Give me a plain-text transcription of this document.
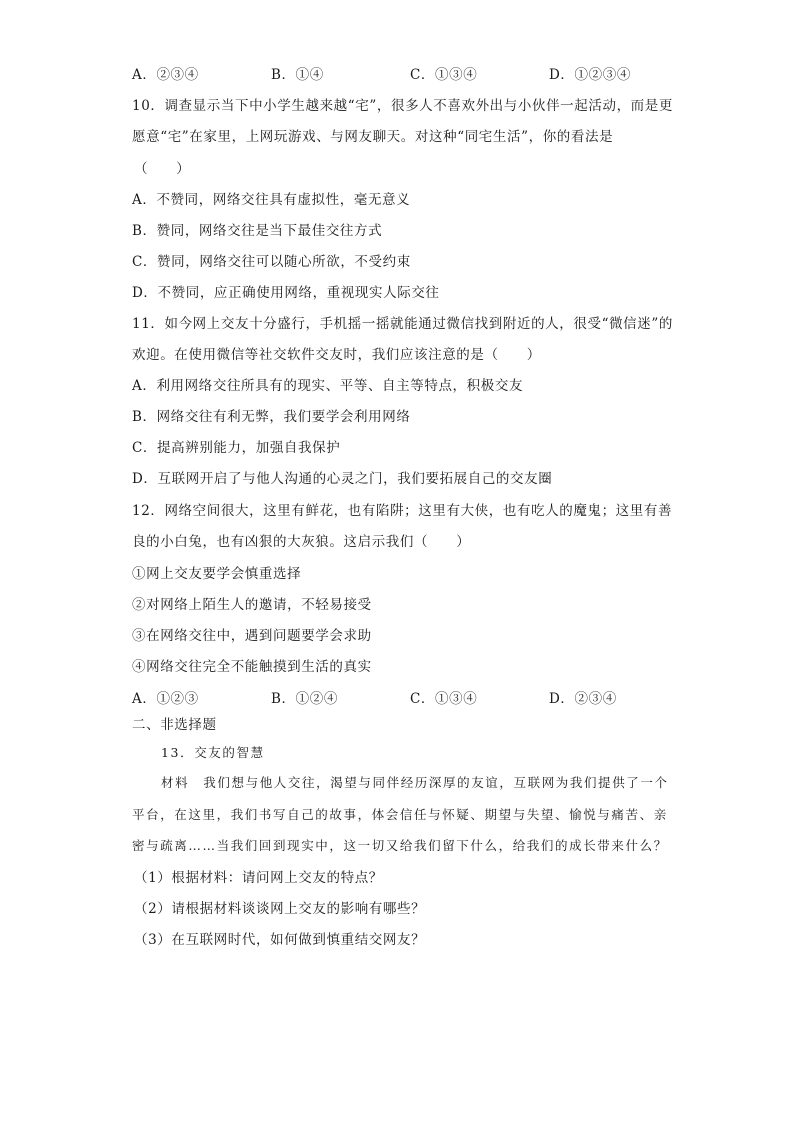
A．②③④	B．①④	C．①③④	D．①②③④
10．调查显示当下中小学生越来越“宅”，很多人不喜欢外出与小伙伴一起活动，而是更
愿意“宅”在家里，上网玩游戏、与网友聊天。对这种“同宅生活”，你的看法是
（　　）
A．不赞同，网络交往具有虚拟性，毫无意义
B．赞同，网络交往是当下最佳交往方式
C．赞同，网络交往可以随心所欲，不受约束
D．不赞同，应正确使用网络，重视现实人际交往
11．如今网上交友十分盛行，手机摇一摇就能通过微信找到附近的人，很受“微信迷”的
欢迎。在使用微信等社交软件交友时，我们应该注意的是（　　）
A．利用网络交往所具有的现实、平等、自主等特点，积极交友
B．网络交往有利无弊，我们要学会利用网络
C．提高辨别能力，加强自我保护
D．互联网开启了与他人沟通的心灵之门，我们要拓展自己的交友圈
12．网络空间很大，这里有鲜花，也有陷阱；这里有大侠，也有吃人的魔鬼；这里有善
良的小白兔，也有凶狠的大灰狼。这启示我们（　　）
①网上交友要学会慎重选择
②对网络上陌生人的邀请，不轻易接受
③在网络交往中，遇到问题要学会求助
④网络交往完全不能触摸到生活的真实
A．①②③	B．①②④	C．①③④	D．②③④
二、非选择题
13．交友的智慧
材料　我们想与他人交往，渴望与同伴经历深厚的友谊，互联网为我们提供了一个
平台，在这里，我们书写自己的故事，体会信任与怀疑、期望与失望、愉悦与痛苦、亲
密与疏离……当我们回到现实中，这一切又给我们留下什么，给我们的成长带来什么？
（1）根据材料：请问网上交友的特点？
（2）请根据材料谈谈网上交友的影响有哪些？
（3）在互联网时代，如何做到慎重结交网友？
